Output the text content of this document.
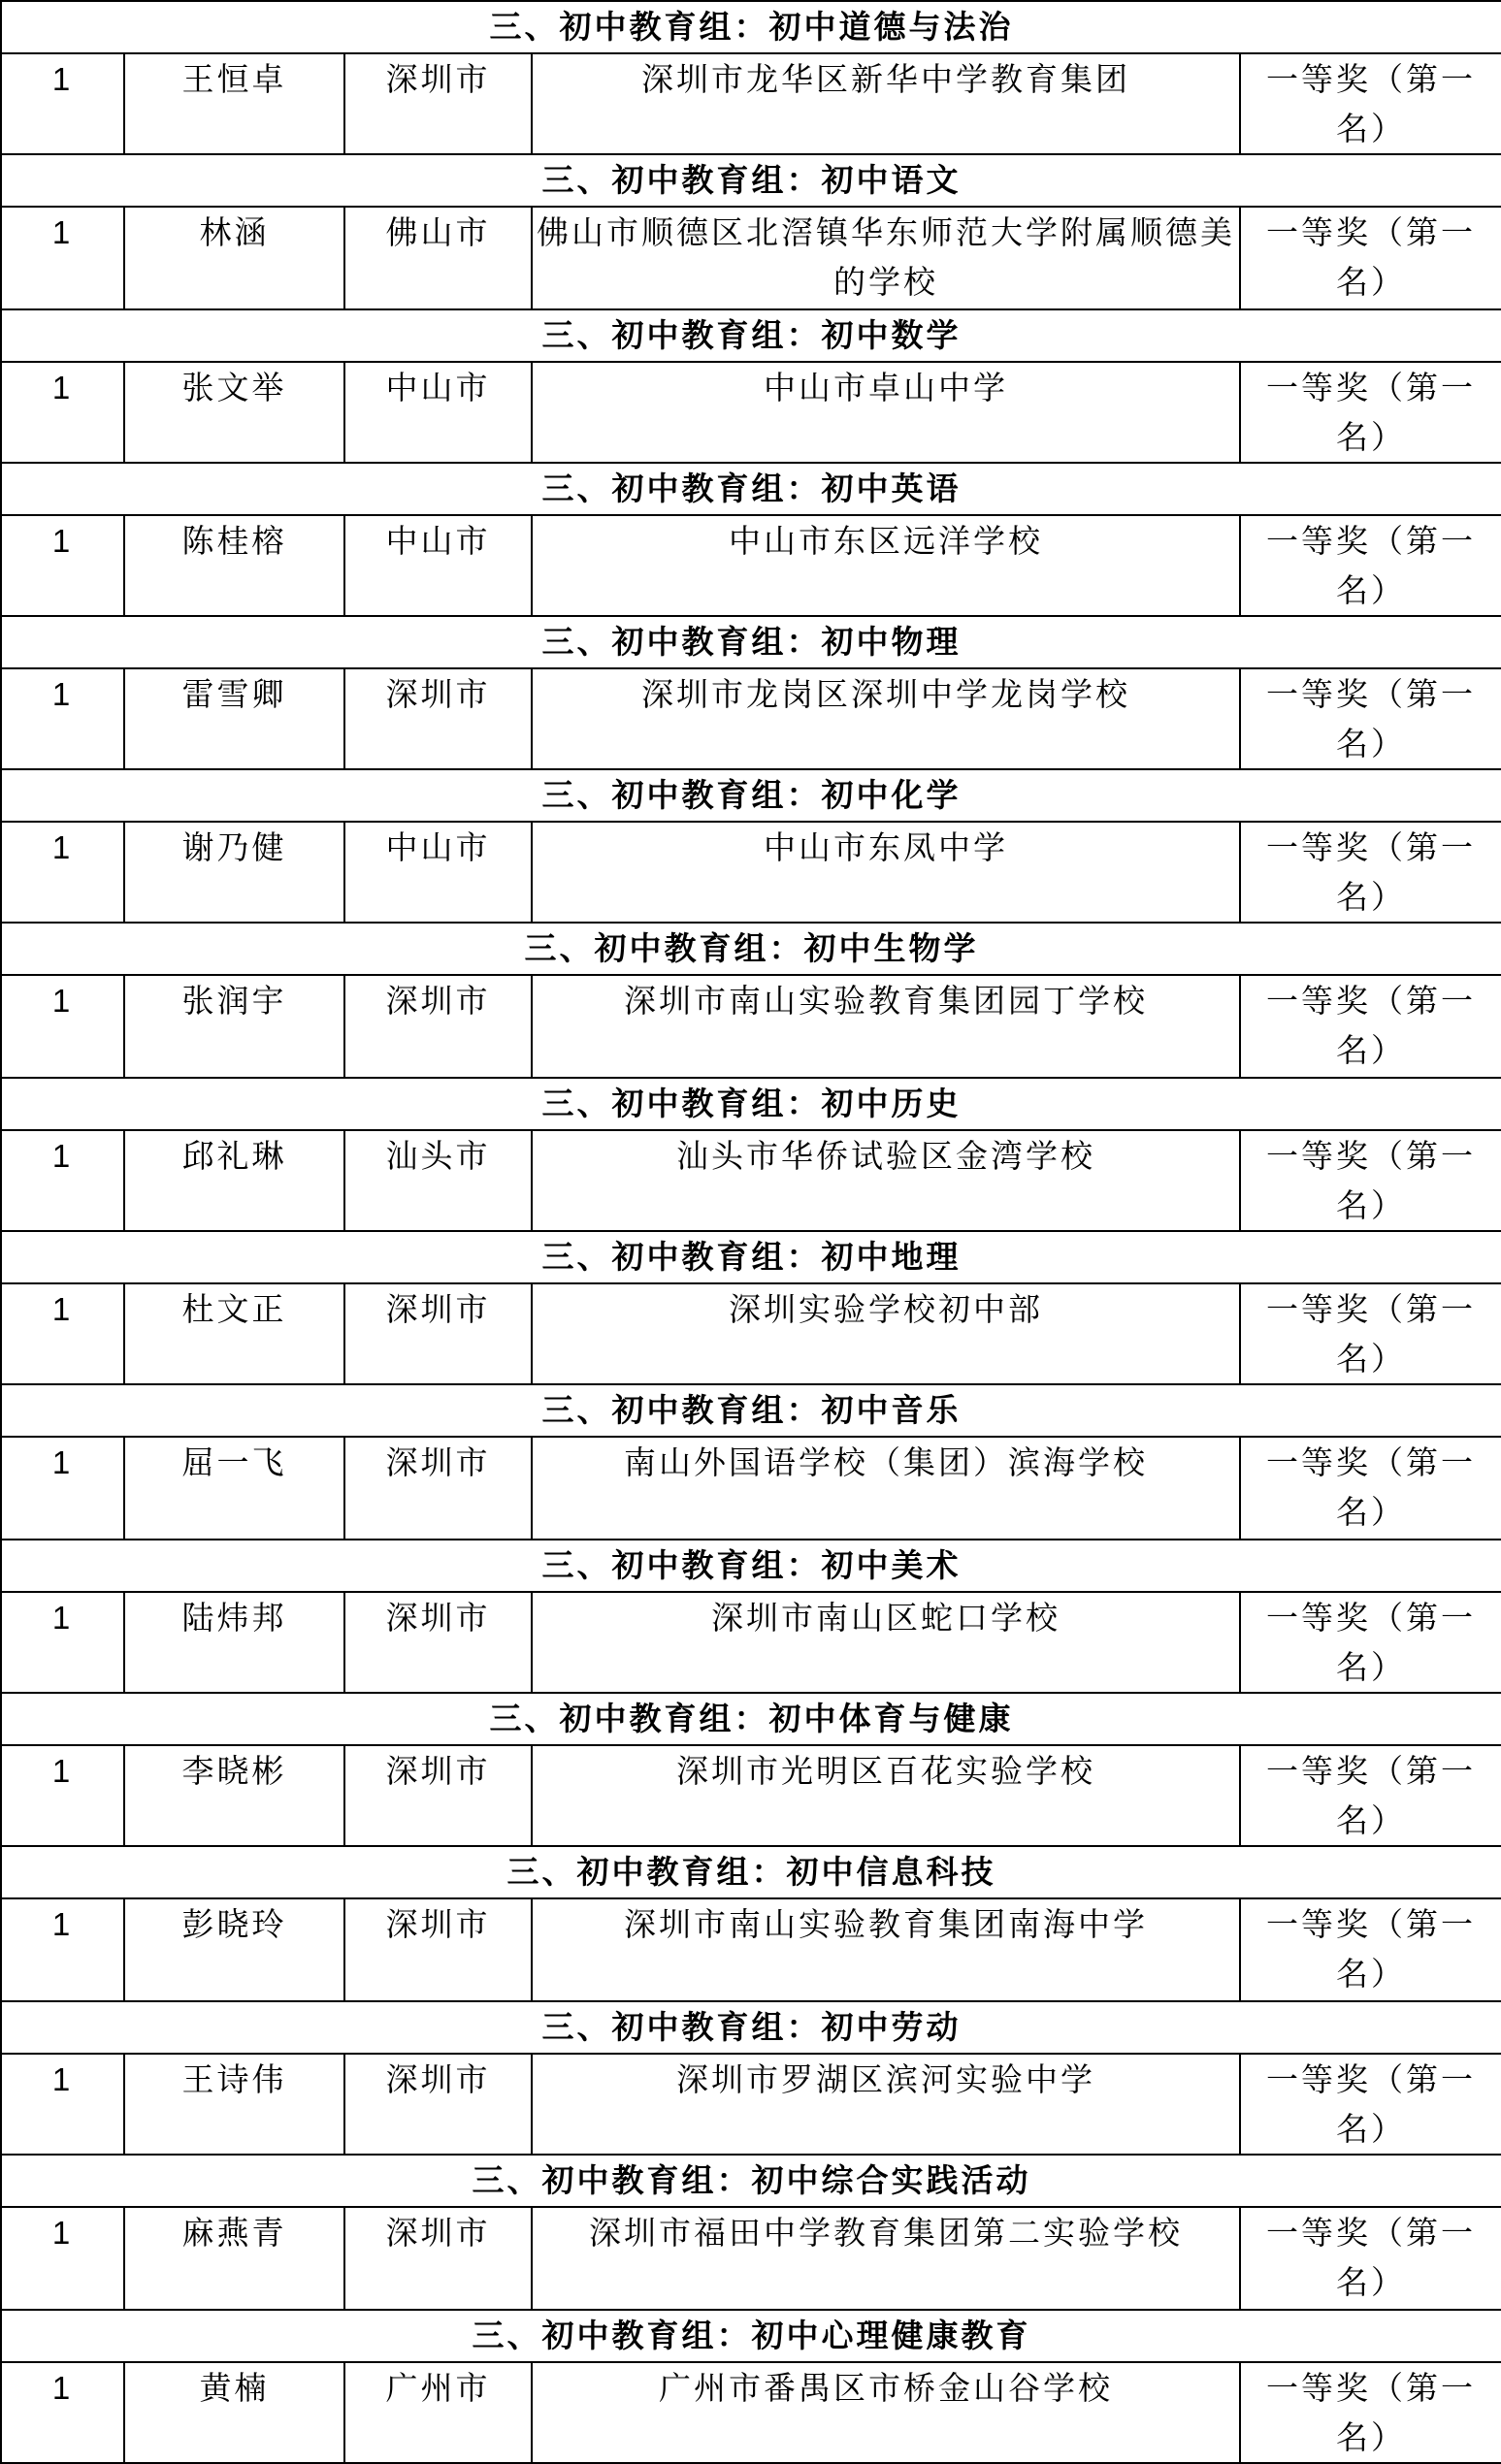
三、初中教育组：初中道德与法治				
1	王恒卓	深圳市	深圳市龙华区新华中学教育集团	一等奖（第一名）
三、初中教育组：初中语文				
1	林涵	佛山市	佛山市顺德区北滘镇华东师范大学附属顺德美的学校	一等奖（第一名）
三、初中教育组：初中数学				
1	张文举	中山市	中山市卓山中学	一等奖（第一名）
三、初中教育组：初中英语				
1	陈桂榕	中山市	中山市东区远洋学校	一等奖（第一名）
三、初中教育组：初中物理				
1	雷雪卿	深圳市	深圳市龙岗区深圳中学龙岗学校	一等奖（第一名）
三、初中教育组：初中化学				
1	谢乃健	中山市	中山市东凤中学	一等奖（第一名）
三、初中教育组：初中生物学				
1	张润宇	深圳市	深圳市南山实验教育集团园丁学校	一等奖（第一名）
三、初中教育组：初中历史				
1	邱礼琳	汕头市	汕头市华侨试验区金湾学校	一等奖（第一名）
三、初中教育组：初中地理				
1	杜文正	深圳市	深圳实验学校初中部	一等奖（第一名）
三、初中教育组：初中音乐				
1	屈一飞	深圳市	南山外国语学校（集团）滨海学校	一等奖（第一名）
三、初中教育组：初中美术				
1	陆炜邦	深圳市	深圳市南山区蛇口学校	一等奖（第一名）
三、初中教育组：初中体育与健康				
1	李晓彬	深圳市	深圳市光明区百花实验学校	一等奖（第一名）
三、初中教育组：初中信息科技				
1	彭晓玲	深圳市	深圳市南山实验教育集团南海中学	一等奖（第一名）
三、初中教育组：初中劳动				
1	王诗伟	深圳市	深圳市罗湖区滨河实验中学	一等奖（第一名）
三、初中教育组：初中综合实践活动				
1	麻燕青	深圳市	深圳市福田中学教育集团第二实验学校	一等奖（第一名）
三、初中教育组：初中心理健康教育				
1	黄楠	广州市	广州市番禺区市桥金山谷学校	一等奖（第一名）
